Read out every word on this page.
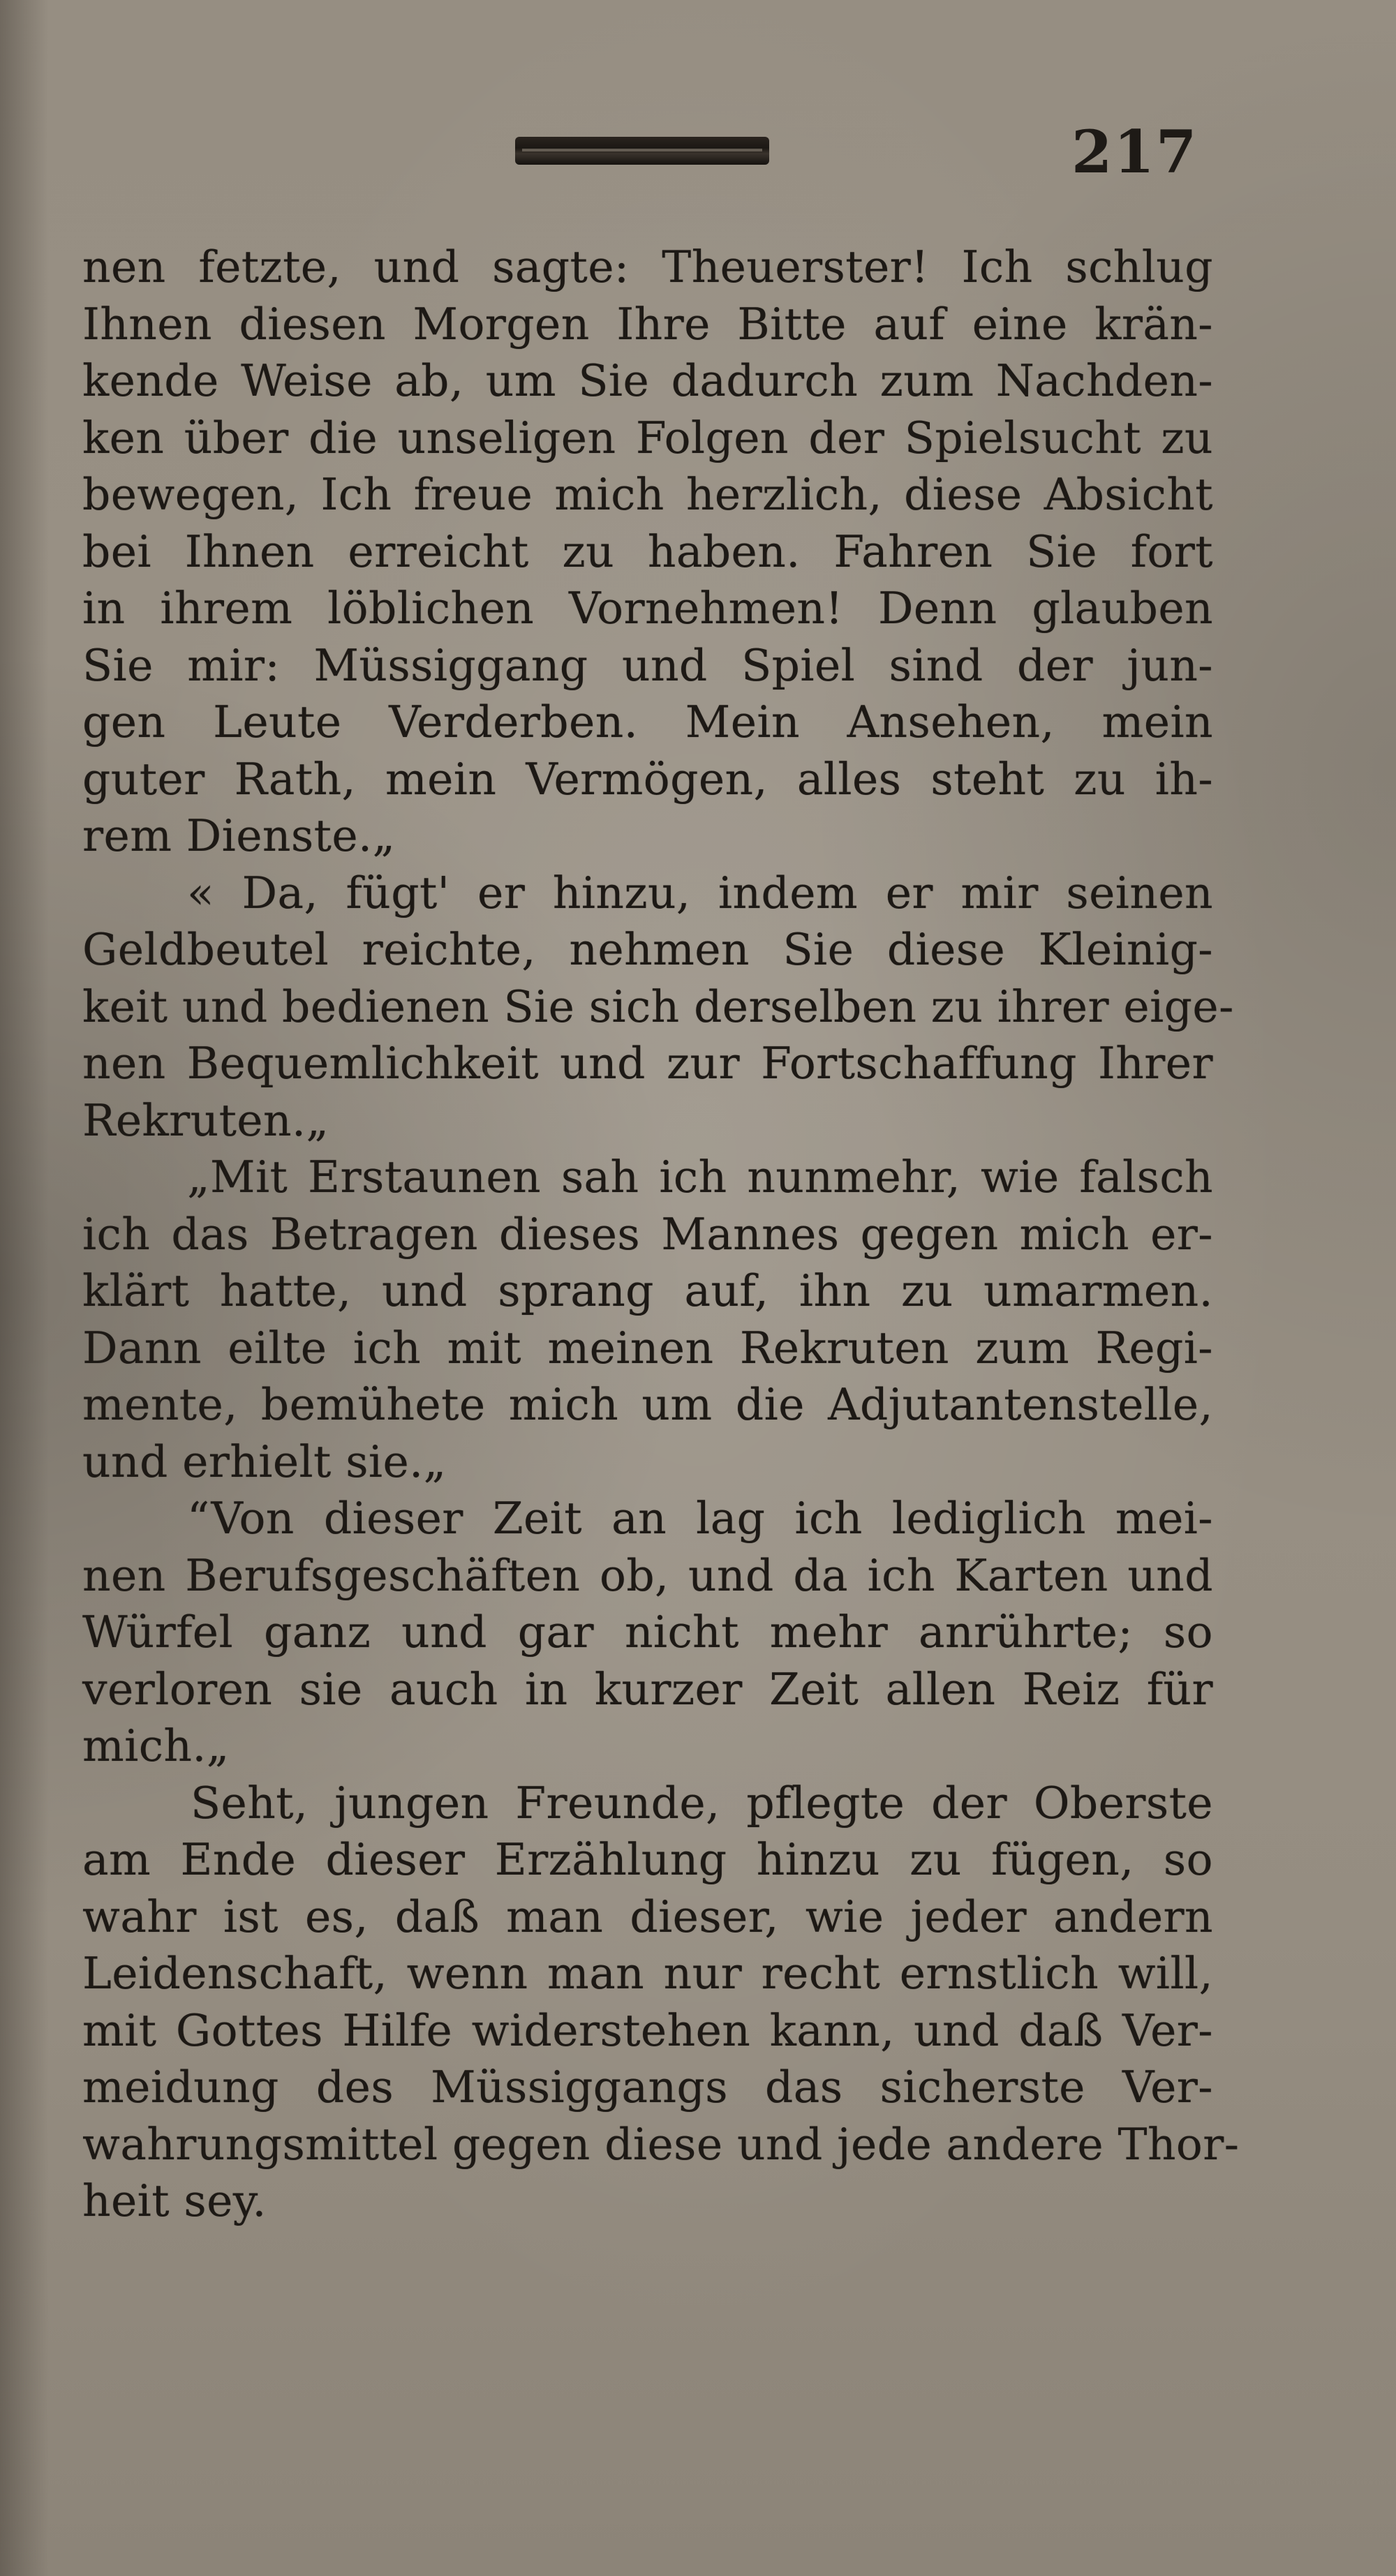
217
nen fetzte, und sagte: Theuerster! Ich schlug
Ihnen diesen Morgen Ihre Bitte auf eine krän-
kende Weise ab, um Sie dadurch zum Nachden-
ken über die unseligen Folgen der Spielsucht zu
bewegen, Ich freue mich herzlich, diese Absicht
bei Ihnen erreicht zu haben. Fahren Sie fort
in ihrem löblichen Vornehmen! Denn glauben
Sie mir: Müssiggang und Spiel sind der jun-
gen Leute Verderben. Mein Ansehen, mein
guter Rath, mein Vermögen, alles steht zu ih-
rem Dienste.„
« Da, fügt' er hinzu, indem er mir seinen
Geldbeutel reichte, nehmen Sie diese Kleinig-
keit und bedienen Sie sich derselben zu ihrer eige-
nen Bequemlichkeit und zur Fortschaffung Ihrer
Rekruten.„
„Mit Erstaunen sah ich nunmehr, wie falsch
ich das Betragen dieses Mannes gegen mich er-
klärt hatte, und sprang auf, ihn zu umarmen.
Dann eilte ich mit meinen Rekruten zum Regi-
mente, bemühete mich um die Adjutantenstelle,
und erhielt sie.„
“Von dieser Zeit an lag ich lediglich mei-
nen Berufsgeschäften ob, und da ich Karten und
Würfel ganz und gar nicht mehr anrührte; so
verloren sie auch in kurzer Zeit allen Reiz für
mich.„
Seht, jungen Freunde, pflegte der Oberste
am Ende dieser Erzählung hinzu zu fügen, so
wahr ist es, daß man dieser, wie jeder andern
Leidenschaft, wenn man nur recht ernstlich will,
mit Gottes Hilfe widerstehen kann, und daß Ver-
meidung des Müssiggangs das sicherste Ver-
wahrungsmittel gegen diese und jede andere Thor-
heit sey.
